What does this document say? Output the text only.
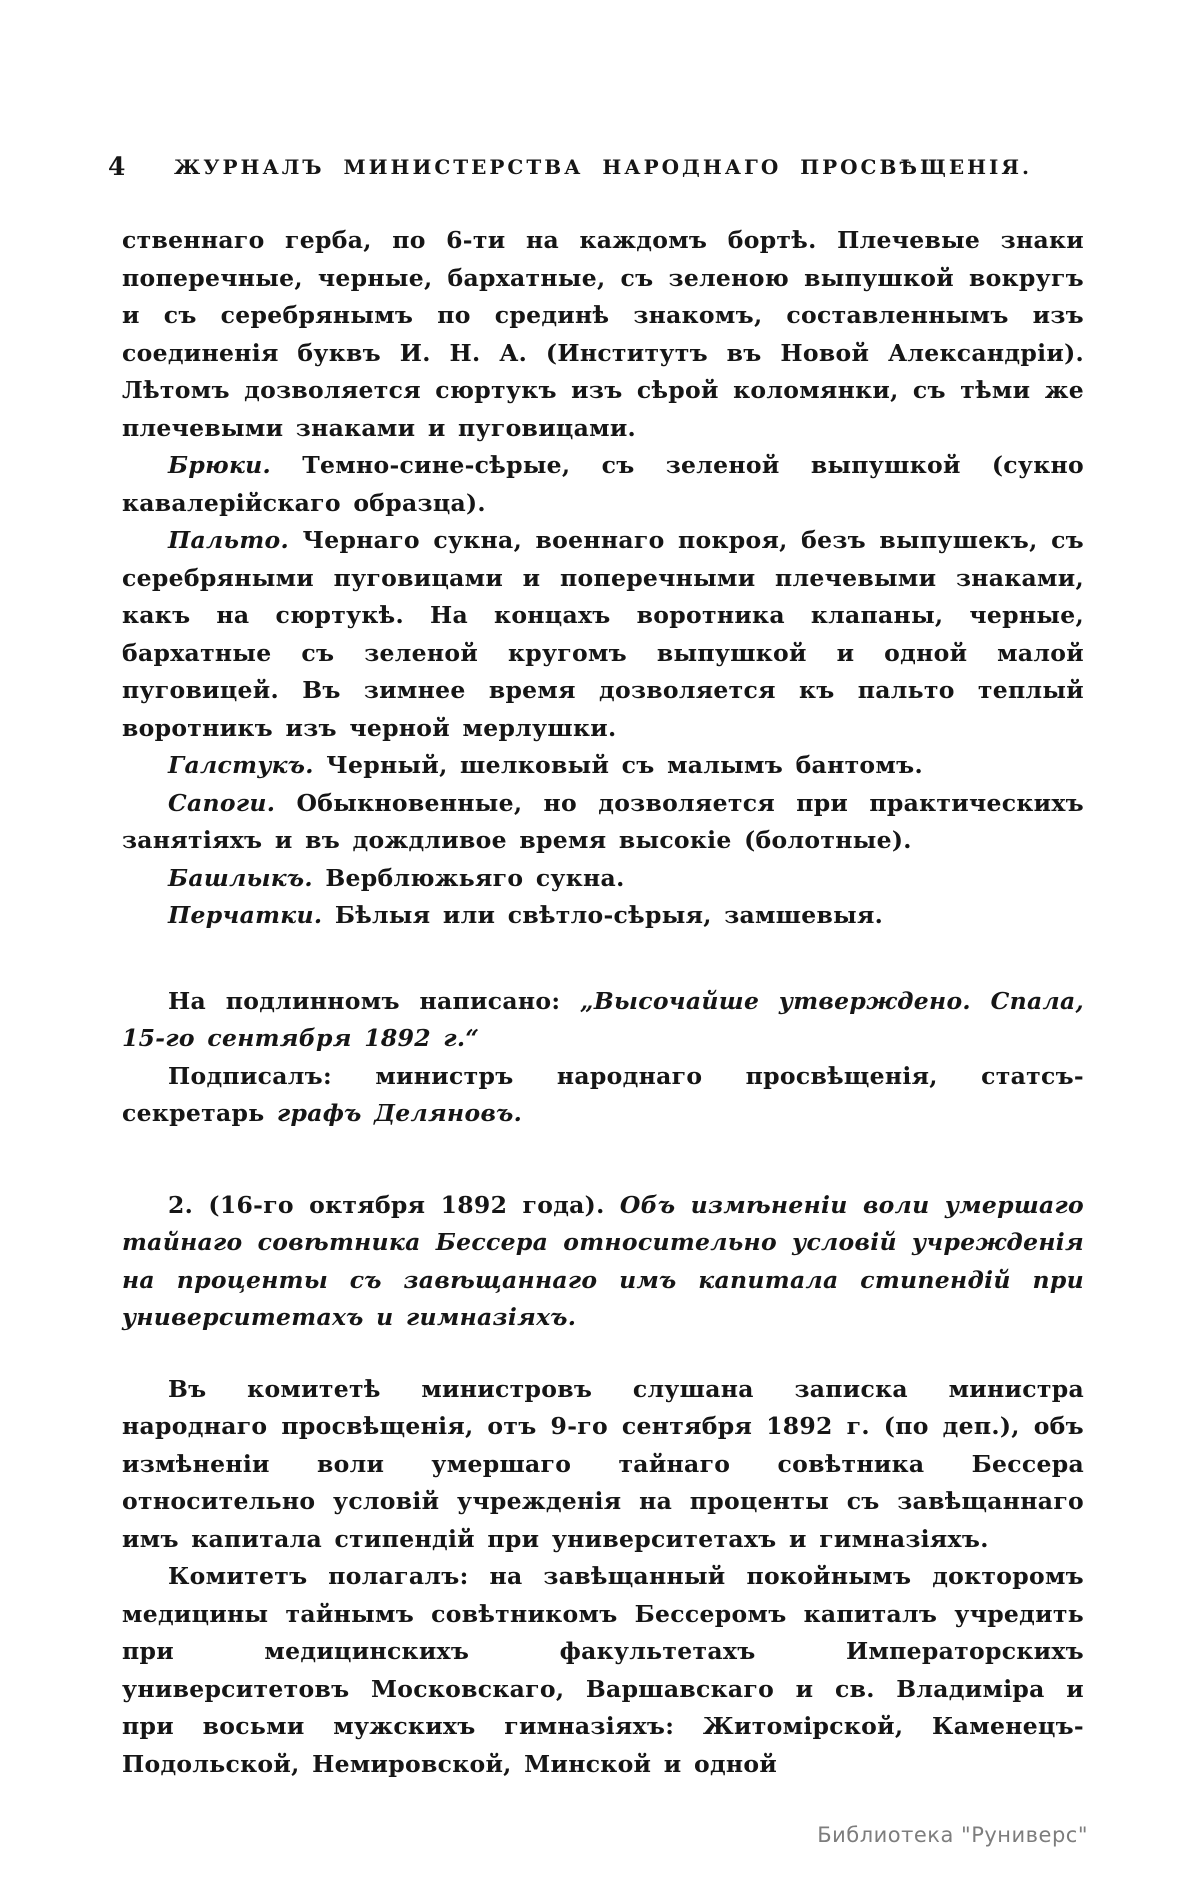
4 ЖУРНАЛЪ МИНИСТЕРСТВА НАРОДНАГО ПРОСВѢЩЕНІЯ.

ственнаго герба, по 6-ти на каждомъ бортѣ. Плечевые знаки поперечные, черные, бархатные, съ зеленою выпушкой вокругъ и съ серебрянымъ по срединѣ знакомъ, составленнымъ изъ соединенія буквъ И. Н. А. (Институтъ въ Новой Александріи). Лѣтомъ дозволяется сюртукъ изъ сѣрой коломянки, съ тѣми же плечевыми знаками и пуговицами.

Брюки. Темно-сине-сѣрые, съ зеленой выпушкой (сукно кавалерійскаго образца).

Пальто. Чернаго сукна, военнаго покроя, безъ выпушекъ, съ серебряными пуговицами и поперечными плечевыми знаками, какъ на сюртукѣ. На концахъ воротника клапаны, черные, бархатные съ зеленой кругомъ выпушкой и одной малой пуговицей. Въ зимнее время дозволяется къ пальто теплый воротникъ изъ черной мерлушки.

Галстукъ. Черный, шелковый съ малымъ бантомъ.

Сапоги. Обыкновенные, но дозволяется при практическихъ занятіяхъ и въ дождливое время высокіе (болотные).

Башлыкъ. Верблюжьяго сукна.

Перчатки. Бѣлыя или свѣтло-сѣрыя, замшевыя.

На подлинномъ написано: „Высочайше утверждено. Спала, 15-го сентября 1892 г.“

Подписалъ: министръ народнаго просвѣщенія, статсъ-секретарь графъ Деляновъ.

2. (16-го октября 1892 года). Объ измѣненіи воли умершаго тайнаго совѣтника Бессера относительно условій учрежденія на проценты съ завѣщаннаго имъ капитала стипендій при университетахъ и гимназіяхъ.

Въ комитетѣ министровъ слушана записка министра народнаго просвѣщенія, отъ 9-го сентября 1892 г. (по деп.), объ измѣненіи воли умершаго тайнаго совѣтника Бессера относительно условій учрежденія на проценты съ завѣщаннаго имъ капитала стипендій при университетахъ и гимназіяхъ.

Комитетъ полагалъ: на завѣщанный покойнымъ докторомъ медицины тайнымъ совѣтникомъ Бессеромъ капиталъ учредить при медицинскихъ факультетахъ Императорскихъ университетовъ Московскаго, Варшавскаго и св. Владиміра и при восьми мужскихъ гимназіяхъ: Житомірской, Каменецъ-Подольской, Немировской, Минской и одной

Библиотека "Руниверс"
